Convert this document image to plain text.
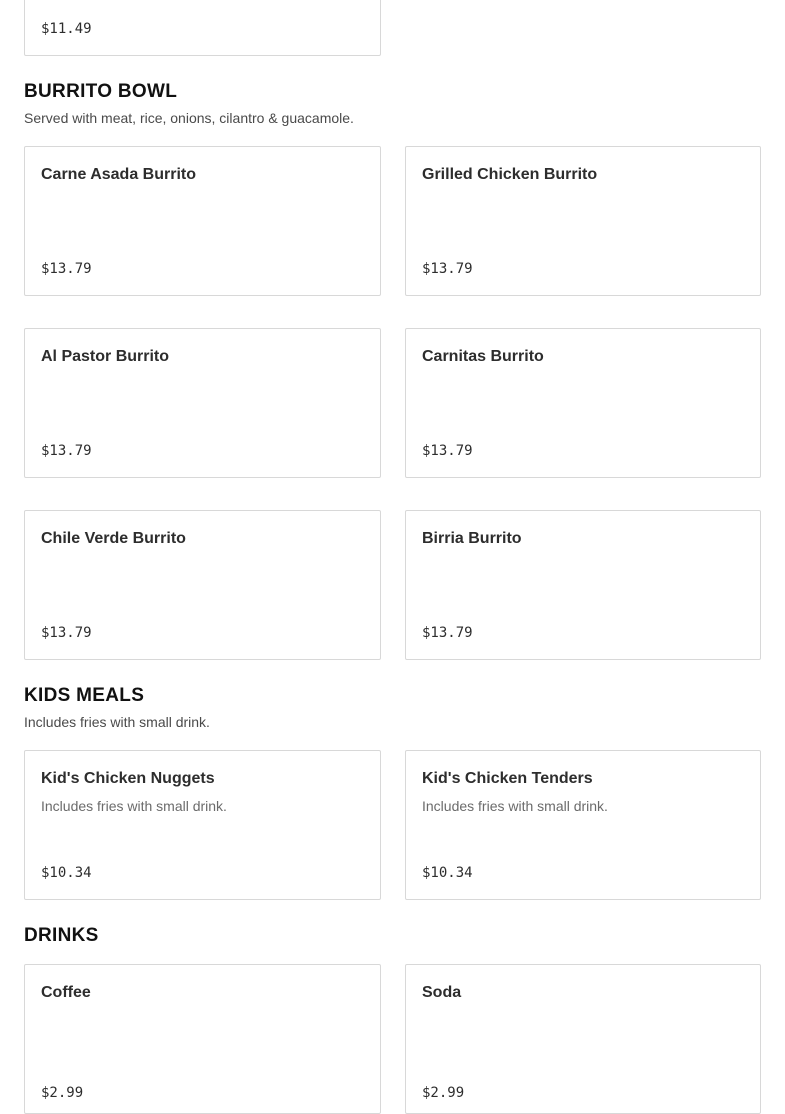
$11.49
BURRITO BOWL

Served with meat, rice, onions, cilantro & guacamole.

Carne Asada Burrito
$13.79
Grilled Chicken Burrito
$13.79
Al Pastor Burrito
$13.79
Carnitas Burrito
$13.79
Chile Verde Burrito
$13.79
Birria Burrito
$13.79
KIDS MEALS

Includes fries with small drink.

Kid's Chicken Nuggets
Includes fries with small drink.
$10.34
Kid's Chicken Tenders
Includes fries with small drink.
$10.34
DRINKS
Coffee
$2.99
Soda
$2.99
